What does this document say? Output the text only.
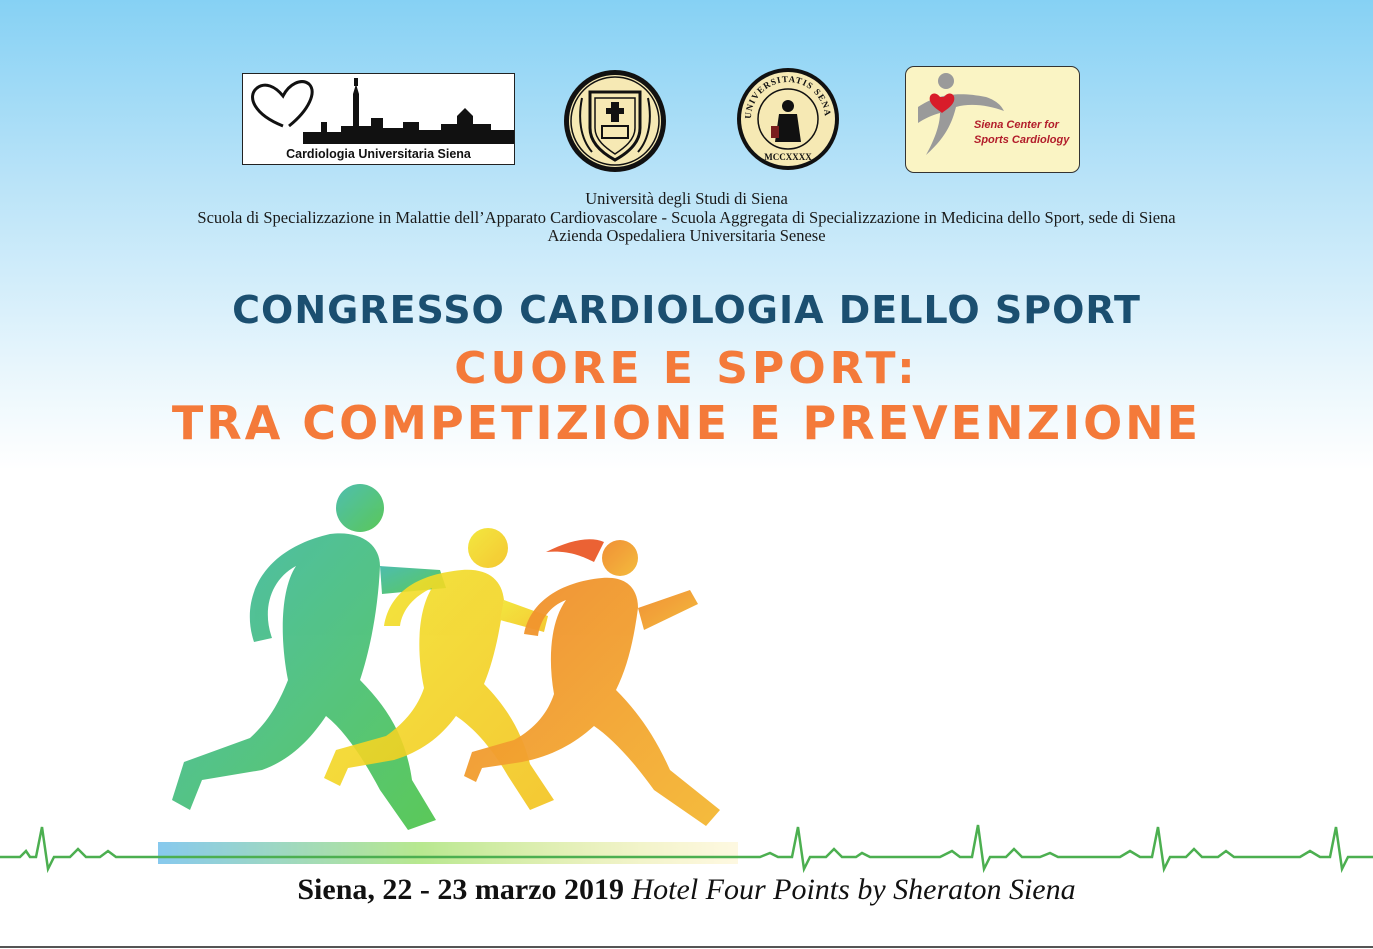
Cardiologia Universitaria Siena
UNIVERSITATIS SENA
MCCXXXX
Siena Center for
Sports Cardiology
Università degli Studi di Siena
Scuola di Specializzazione in Malattie dell’Apparato Cardiovascolare - Scuola Aggregata di Specializzazione in Medicina dello Sport, sede di Siena
Azienda Ospedaliera Universitaria Senese
CONGRESSO CARDIOLOGIA DELLO SPORT
CUORE E SPORT:
TRA COMPETIZIONE E PREVENZIONE
Siena, 22 - 23 marzo 2019 Hotel Four Points by Sheraton Siena
